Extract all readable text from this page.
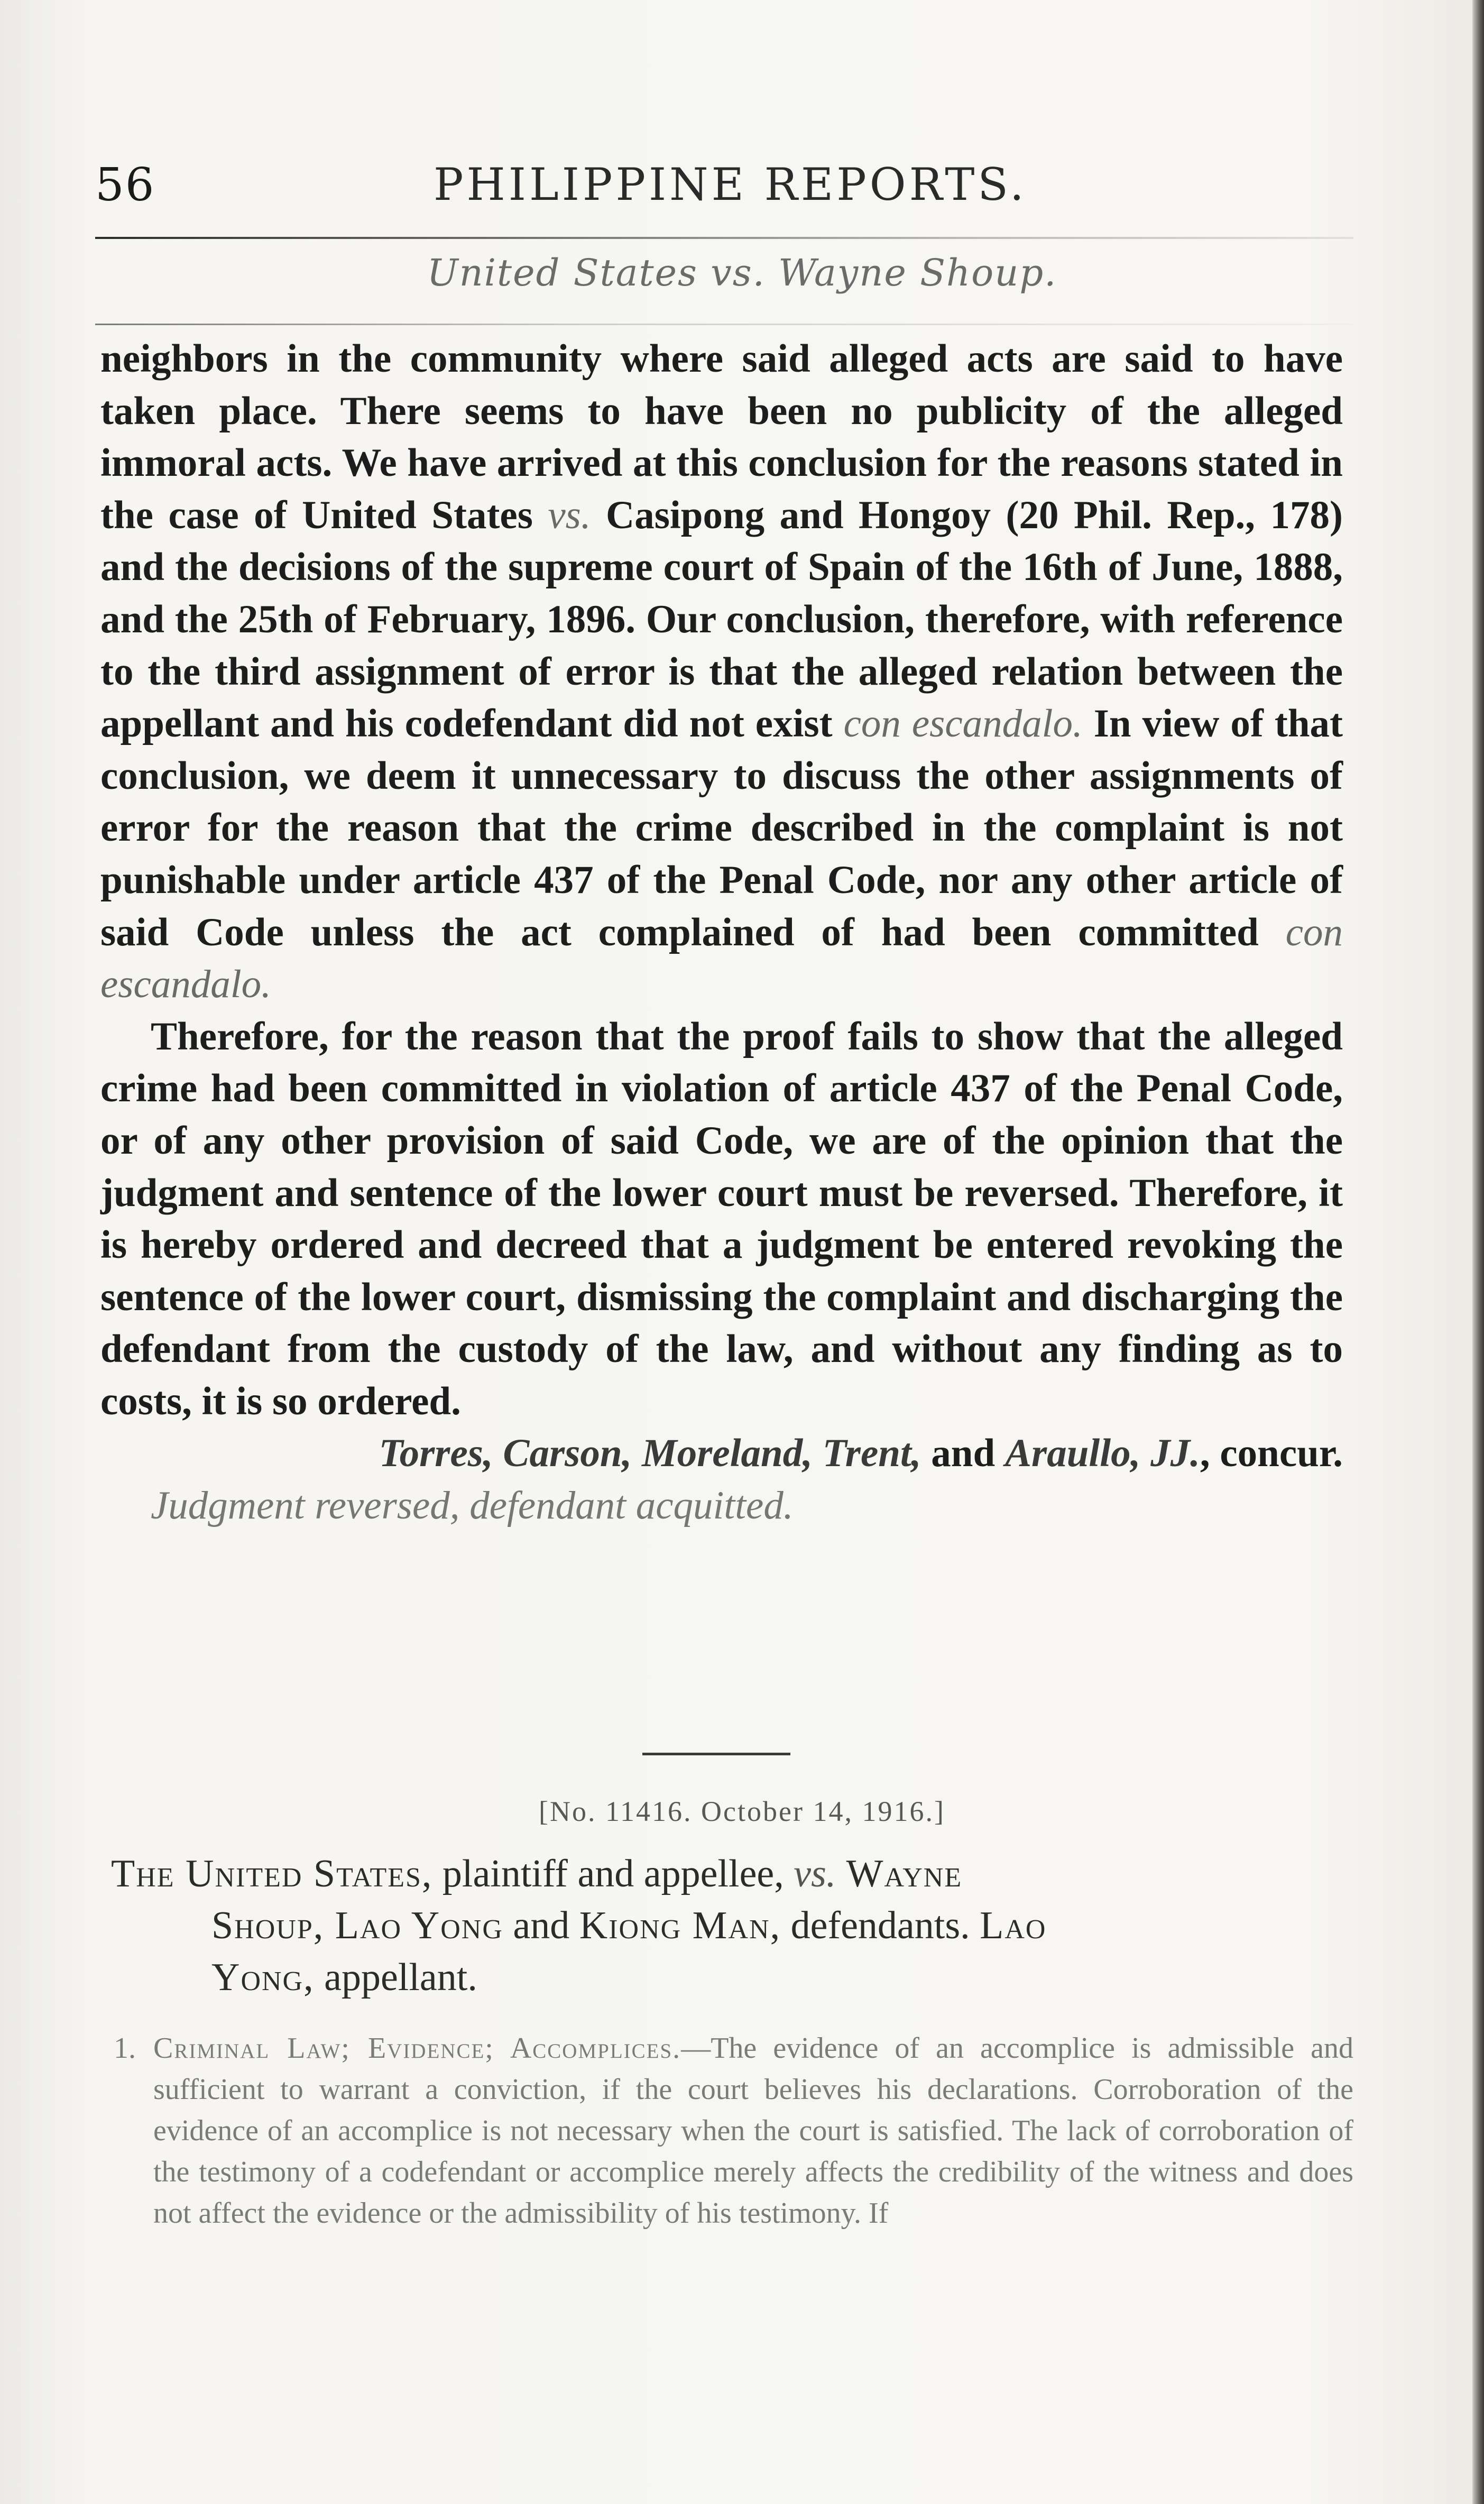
56	PHILIPPINE REPORTS.
United States vs. Wayne Shoup.

neighbors in the community where said alleged acts are said to have taken place. There seems to have been no publicity of the alleged immoral acts. We have arrived at this conclusion for the reasons stated in the case of United States vs. Casipong and Hongoy (20 Phil. Rep., 178) and the decisions of the supreme court of Spain of the 16th of June, 1888, and the 25th of February, 1896. Our conclusion, therefore, with reference to the third assignment of error is that the alleged relation between the appellant and his codefendant did not exist con escandalo. In view of that conclusion, we deem it unnecessary to discuss the other assignments of error for the reason that the crime described in the complaint is not punishable under article 437 of the Penal Code, nor any other article of said Code unless the act complained of had been committed con escandalo.

Therefore, for the reason that the proof fails to show that the alleged crime had been committed in violation of article 437 of the Penal Code, or of any other provision of said Code, we are of the opinion that the judgment and sentence of the lower court must be reversed. Therefore, it is hereby ordered and decreed that a judgment be entered revoking the sentence of the lower court, dismissing the complaint and discharging the defendant from the custody of the law, and without any finding as to costs, it is so ordered.

Torres, Carson, Moreland, Trent, and Araullo, JJ., concur.

Judgment reversed, defendant acquitted.

[No. 11416. October 14, 1916.]
The United States, plaintiff and appellee, vs. Wayne
Shoup, Lao Yong and Kiong Man, defendants. Lao
Yong, appellant.
1. Criminal Law; Evidence; Accomplices.—The evidence of an accomplice is admissible and sufficient to warrant a conviction, if the court believes his declarations. Corroboration of the evidence of an accomplice is not necessary when the court is satisfied. The lack of corroboration of the testimony of a codefendant or accomplice merely affects the credibility of the witness and does not affect the evidence or the admissibility of his testimony. If
